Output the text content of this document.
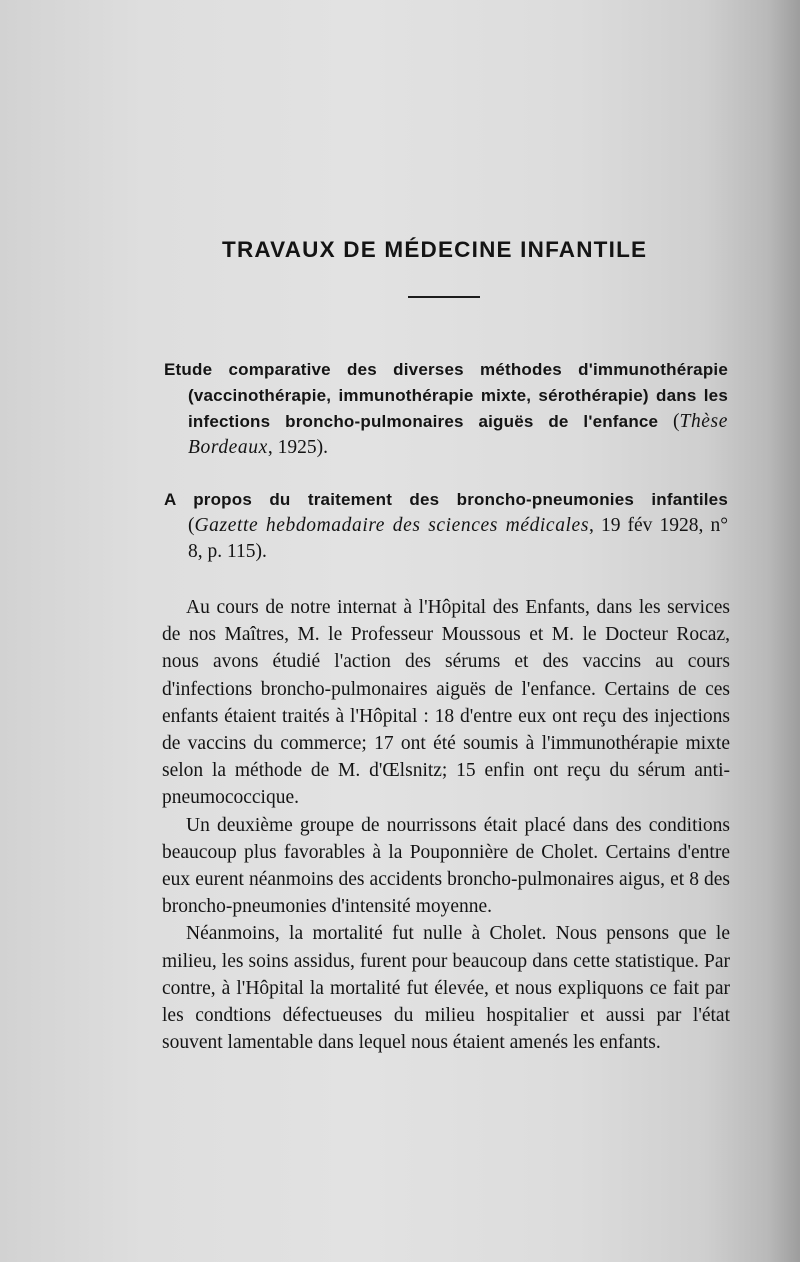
TRAVAUX DE MÉDECINE INFANTILE

Etude comparative des diverses méthodes d'immunothérapie (vaccinothérapie, immunothérapie mixte, sérothérapie) dans les infections broncho-pulmonaires aiguës de l'enfance (Thèse Bordeaux, 1925).

A propos du traitement des broncho-pneumonies infantiles (Gazette hebdomadaire des sciences médicales, 19 fév 1928, n° 8, p. 115).

Au cours de notre internat à l'Hôpital des Enfants, dans les services de nos Maîtres, M. le Professeur Moussous et M. le Docteur Rocaz, nous avons étudié l'action des sérums et des vaccins au cours d'infections broncho-pulmonaires aiguës de l'enfance. Certains de ces enfants étaient traités à l'Hôpital : 18 d'entre eux ont reçu des injections de vaccins du commerce; 17 ont été soumis à l'immunothérapie mixte selon la méthode de M. d'Œlsnitz; 15 enfin ont reçu du sérum antipneumococcique.

Un deuxième groupe de nourrissons était placé dans des conditions beaucoup plus favorables à la Pouponnière de Cholet. Certains d'entre eux eurent néanmoins des accidents broncho-pulmonaires aigus, et 8 des broncho-pneumonies d'intensité moyenne.

Néanmoins, la mortalité fut nulle à Cholet. Nous pensons que le milieu, les soins assidus, furent pour beaucoup dans cette statistique. Par contre, à l'Hôpital la mortalité fut élevée, et nous expliquons ce fait par les condtions défectueuses du milieu hospitalier et aussi par l'état souvent lamentable dans lequel nous étaient amenés les enfants.
